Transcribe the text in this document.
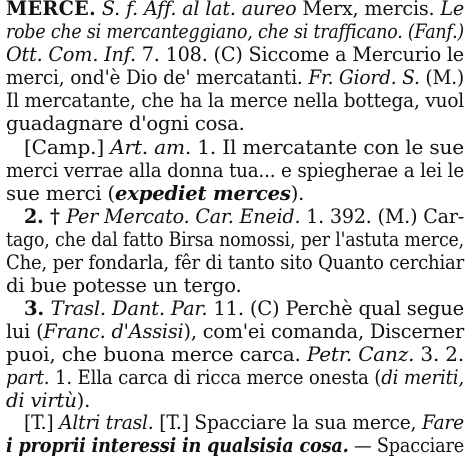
MERCE. S. f. Aff. al lat. aureo Merx, mercis. Le
robe che si mercanteggiano, che si trafficano. (Fanf.)
Ott. Com. Inf. 7. 108. (C) Siccome a Mercurio le
merci, ond'è Dio de' mercatanti. Fr. Giord. S. (M.)
Il mercatante, che ha la merce nella bottega, vuol
guadagnare d'ogni cosa.
[Camp.] Art. am. 1. Il mercatante con le sue
merci verrae alla donna tua... e spiegherae a lei le
sue merci (expediet merces).
2. † Per Mercato. Car. Eneid. 1. 392. (M.) Car-
tago, che dal fatto Birsa nomossi, per l'astuta merce,
Che, per fondarla, fêr di tanto sito Quanto cerchiar
di bue potesse un tergo.
3. Trasl. Dant. Par. 11. (C) Perchè qual segue
lui (Franc. d'Assisi), com'ei comanda, Discerner
puoi, che buona merce carca. Petr. Canz. 3. 2.
part. 1. Ella carca di ricca merce onesta (di meriti,
di virtù).
[T.] Altri trasl. [T.] Spacciare la sua merce, Fare
i proprii interessi in qualsisia cosa. — Spacciare
